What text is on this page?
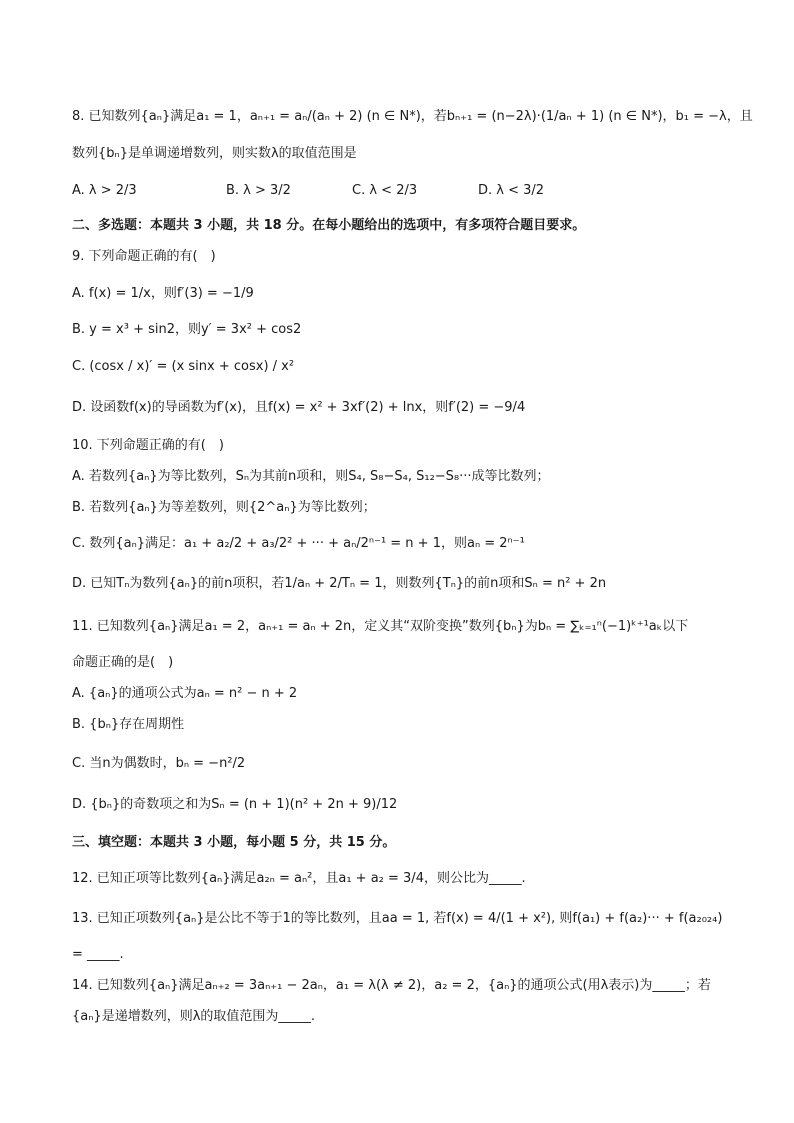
8. 已知数列{aₙ}满足a₁ = 1，aₙ₊₁ = aₙ/(aₙ + 2) (n ∈ N*)，若bₙ₊₁ = (n−2λ)·(1/aₙ + 1) (n ∈ N*)，b₁ = −λ，且
数列{bₙ}是单调递增数列，则实数λ的取值范围是
A. λ > 2/3	B. λ > 3/2	C. λ < 2/3	D. λ < 3/2
二、多选题：本题共 3 小题，共 18 分。在每小题给出的选项中，有多项符合题目要求。
9. 下列命题正确的有(　)
A. f(x) = 1/x，则f′(3) = −1/9
B. y = x³ + sin2，则y′ = 3x² + cos2
C. (cosx / x)′ = (x sinx + cosx) / x²
D. 设函数f(x)的导函数为f′(x)，且f(x) = x² + 3xf′(2) + lnx，则f′(2) = −9/4
10. 下列命题正确的有(　)
A. 若数列{aₙ}为等比数列，Sₙ为其前n项和，则S₄, S₈−S₄, S₁₂−S₈···成等比数列；
B. 若数列{aₙ}为等差数列，则{2^aₙ}为等比数列；
C. 数列{aₙ}满足：a₁ + a₂/2 + a₃/2² + ··· + aₙ/2ⁿ⁻¹ = n + 1，则aₙ = 2ⁿ⁻¹
D. 已知Tₙ为数列{aₙ}的前n项积，若1/aₙ + 2/Tₙ = 1，则数列{Tₙ}的前n项和Sₙ = n² + 2n
11. 已知数列{aₙ}满足a₁ = 2，aₙ₊₁ = aₙ + 2n，定义其“双阶变换”数列{bₙ}为bₙ = ∑ₖ₌₁ⁿ(−1)ᵏ⁺¹aₖ以下
命题正确的是(　)
A. {aₙ}的通项公式为aₙ = n² − n + 2
B. {bₙ}存在周期性
C. 当n为偶数时，bₙ = −n²/2
D. {bₙ}的奇数项之和为Sₙ = (n + 1)(n² + 2n + 9)/12
三、填空题：本题共 3 小题，每小题 5 分，共 15 分。
12. 已知正项等比数列{aₙ}满足a₂ₙ = aₙ²，且a₁ + a₂ = 3/4，则公比为_____.
13. 已知正项数列{aₙ}是公比不等于1的等比数列，且aa = 1, 若f(x) = 4/(1 + x²), 则f(a₁) + f(a₂)··· + f(a₂₀₂₄)
= _____.
14. 已知数列{aₙ}满足aₙ₊₂ = 3aₙ₊₁ − 2aₙ，a₁ = λ(λ ≠ 2)，a₂ = 2，{aₙ}的通项公式(用λ表示)为_____；若
{aₙ}是递增数列，则λ的取值范围为_____.
